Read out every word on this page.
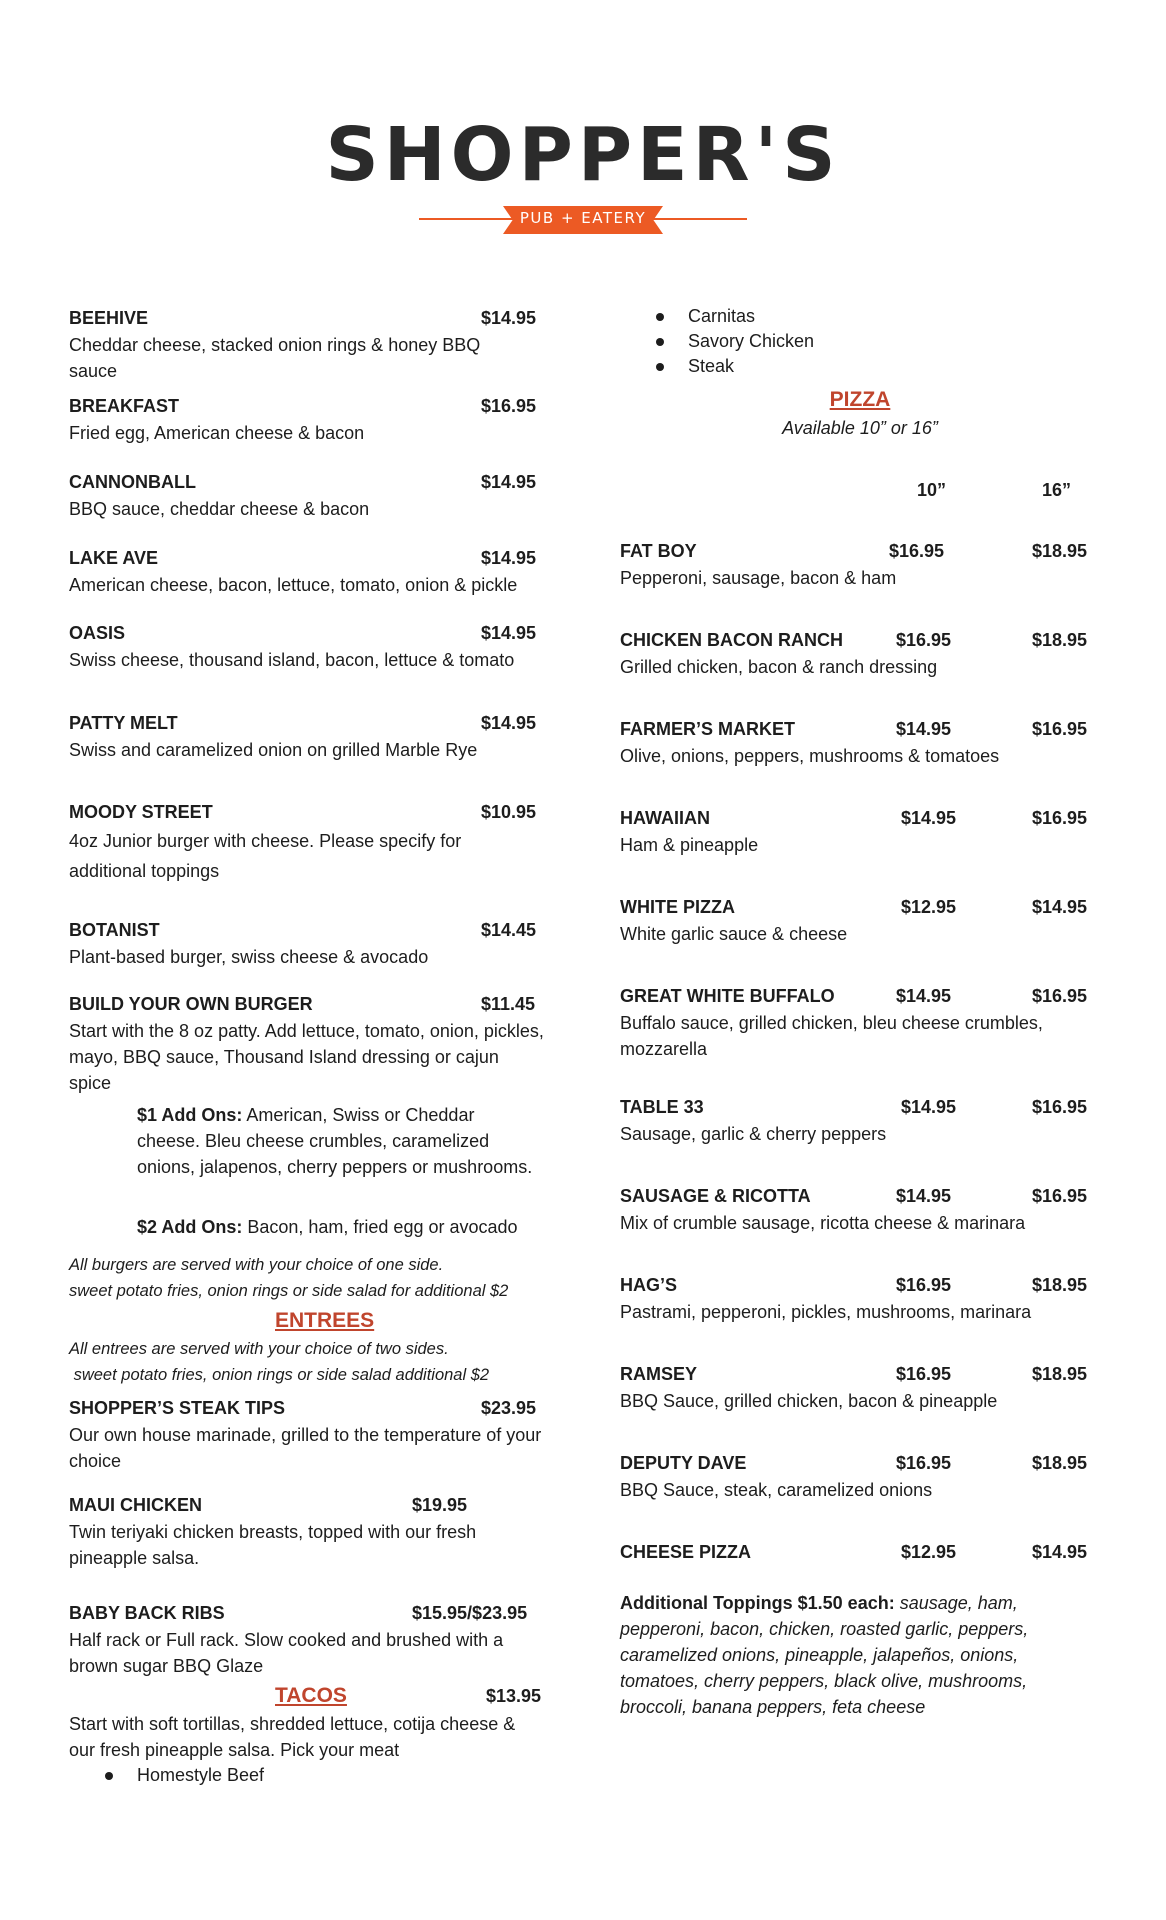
SHOPPER'S
PUB + EATERY
BEEHIVE	$14.95
Cheddar cheese, stacked onion rings & honey BBQ sauce
BREAKFAST	$16.95
Fried egg, American cheese & bacon
CANNONBALL	$14.95
BBQ sauce, cheddar cheese & bacon
LAKE AVE	$14.95
American cheese, bacon, lettuce, tomato, onion & pickle
OASIS	$14.95
Swiss cheese, thousand island, bacon, lettuce & tomato
PATTY MELT	$14.95
Swiss and caramelized onion on grilled Marble Rye
MOODY STREET	$10.95
4oz Junior burger with cheese. Please specify for additional toppings
BOTANIST	$14.45
Plant-based burger, swiss cheese & avocado
BUILD YOUR OWN BURGER	$11.45
Start with the 8 oz patty. Add lettuce, tomato, onion, pickles, mayo, BBQ sauce, Thousand Island dressing or cajun spice
$1 Add Ons: American, Swiss or Cheddar cheese. Bleu cheese crumbles, caramelized onions, jalapenos, cherry peppers or mushrooms.
$2 Add Ons: Bacon, ham, fried egg or avocado
All burgers are served with your choice of one side.
sweet potato fries, onion rings or side salad for additional $2
ENTREES
All entrees are served with your choice of two sides.
sweet potato fries, onion rings or side salad additional $2
SHOPPER’S STEAK TIPS	$23.95
Our own house marinade, grilled to the temperature of your choice
MAUI CHICKEN	$19.95
Twin teriyaki chicken breasts, topped with our fresh pineapple salsa.
BABY BACK RIBS	$15.95/$23.95
Half rack or Full rack. Slow cooked and brushed with a brown sugar BBQ Glaze
TACOS	$13.95
Start with soft tortillas, shredded lettuce, cotija cheese & our fresh pineapple salsa. Pick your meat
Homestyle Beef
Carnitas
Savory Chicken
Steak
PIZZA
Available 10” or 16”
10”	16”
FAT BOY	$16.95	$18.95
Pepperoni, sausage, bacon & ham
CHICKEN BACON RANCH	$16.95	$18.95
Grilled chicken, bacon & ranch dressing
FARMER’S MARKET	$14.95	$16.95
Olive, onions, peppers, mushrooms & tomatoes
HAWAIIAN	$14.95	$16.95
Ham & pineapple
WHITE PIZZA	$12.95	$14.95
White garlic sauce & cheese
GREAT WHITE BUFFALO	$14.95	$16.95
Buffalo sauce, grilled chicken, bleu cheese crumbles, mozzarella
TABLE 33	$14.95	$16.95
Sausage, garlic & cherry peppers
SAUSAGE & RICOTTA	$14.95	$16.95
Mix of crumble sausage, ricotta cheese & marinara
HAG’S	$16.95	$18.95
Pastrami, pepperoni, pickles, mushrooms, marinara
RAMSEY	$16.95	$18.95
BBQ Sauce, grilled chicken, bacon & pineapple
DEPUTY DAVE	$16.95	$18.95
BBQ Sauce, steak, caramelized onions
CHEESE PIZZA	$12.95	$14.95
Additional Toppings $1.50 each: sausage, ham, pepperoni, bacon, chicken, roasted garlic, peppers, caramelized onions, pineapple, jalapeños, onions, tomatoes, cherry peppers, black olive, mushrooms, broccoli, banana peppers, feta cheese
